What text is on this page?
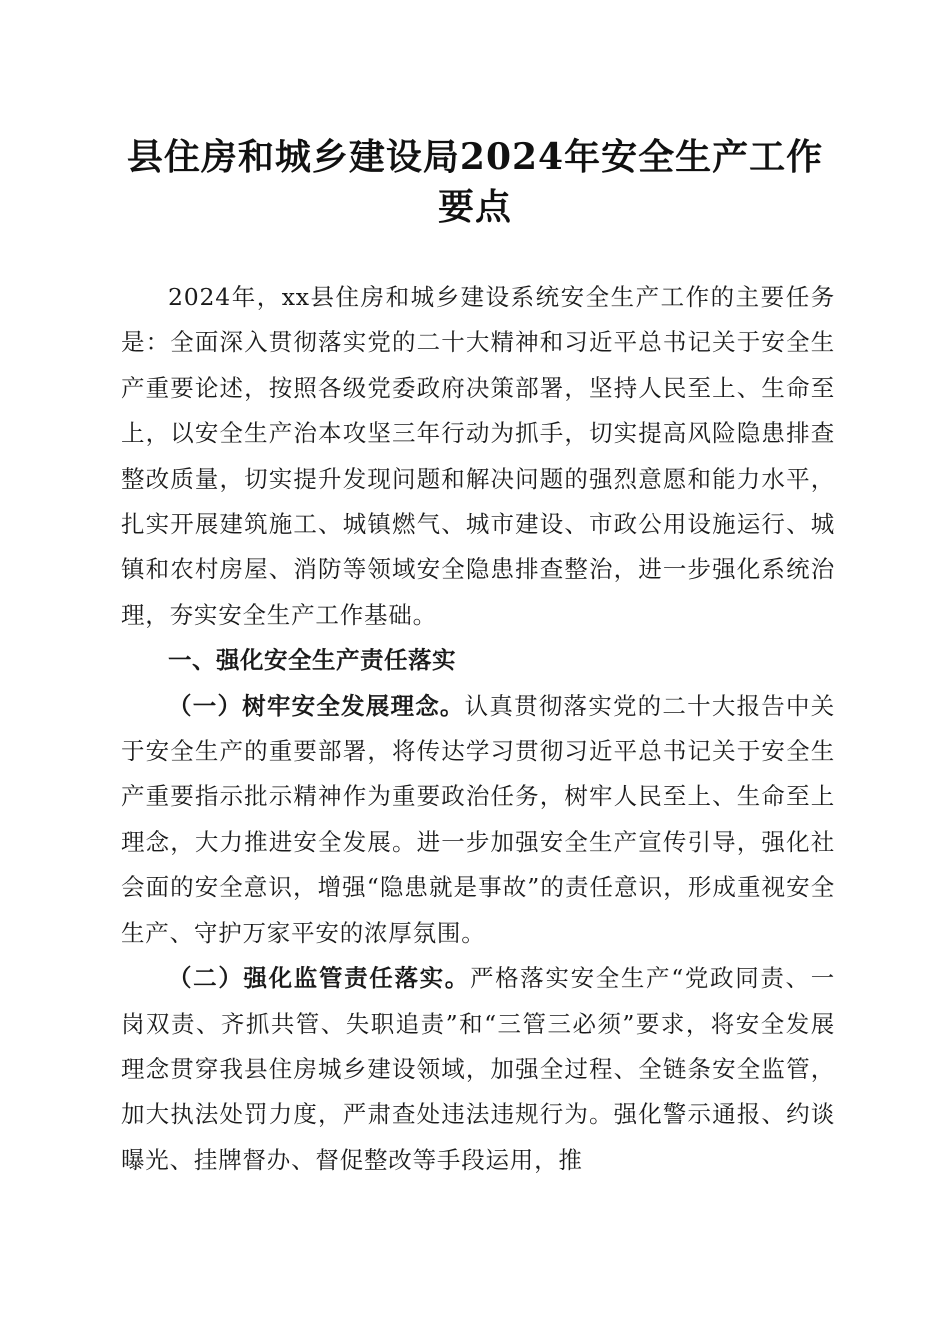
县住房和城乡建设局2024年安全生产工作要点

2024年，xx县住房和城乡建设系统安全生产工作的主要任务是：全面深入贯彻落实党的二十大精神和习近平总书记关于安全生产重要论述，按照各级党委政府决策部署，坚持人民至上、生命至上，以安全生产治本攻坚三年行动为抓手，切实提高风险隐患排查整改质量，切实提升发现问题和解决问题的强烈意愿和能力水平，扎实开展建筑施工、城镇燃气、城市建设、市政公用设施运行、城镇和农村房屋、消防等领域安全隐患排查整治，进一步强化系统治理，夯实安全生产工作基础。

一、强化安全生产责任落实

（一）树牢安全发展理念。认真贯彻落实党的二十大报告中关于安全生产的重要部署，将传达学习贯彻习近平总书记关于安全生产重要指示批示精神作为重要政治任务，树牢人民至上、生命至上理念，大力推进安全发展。进一步加强安全生产宣传引导，强化社会面的安全意识，增强“隐患就是事故”的责任意识，形成重视安全生产、守护万家平安的浓厚氛围。

（二）强化监管责任落实。严格落实安全生产“党政同责、一岗双责、齐抓共管、失职追责”和“三管三必须”要求，将安全发展理念贯穿我县住房城乡建设领域，加强全过程、全链条安全监管，加大执法处罚力度，严肃查处违法违规行为。强化警示通报、约谈曝光、挂牌督办、督促整改等手段运用，推
